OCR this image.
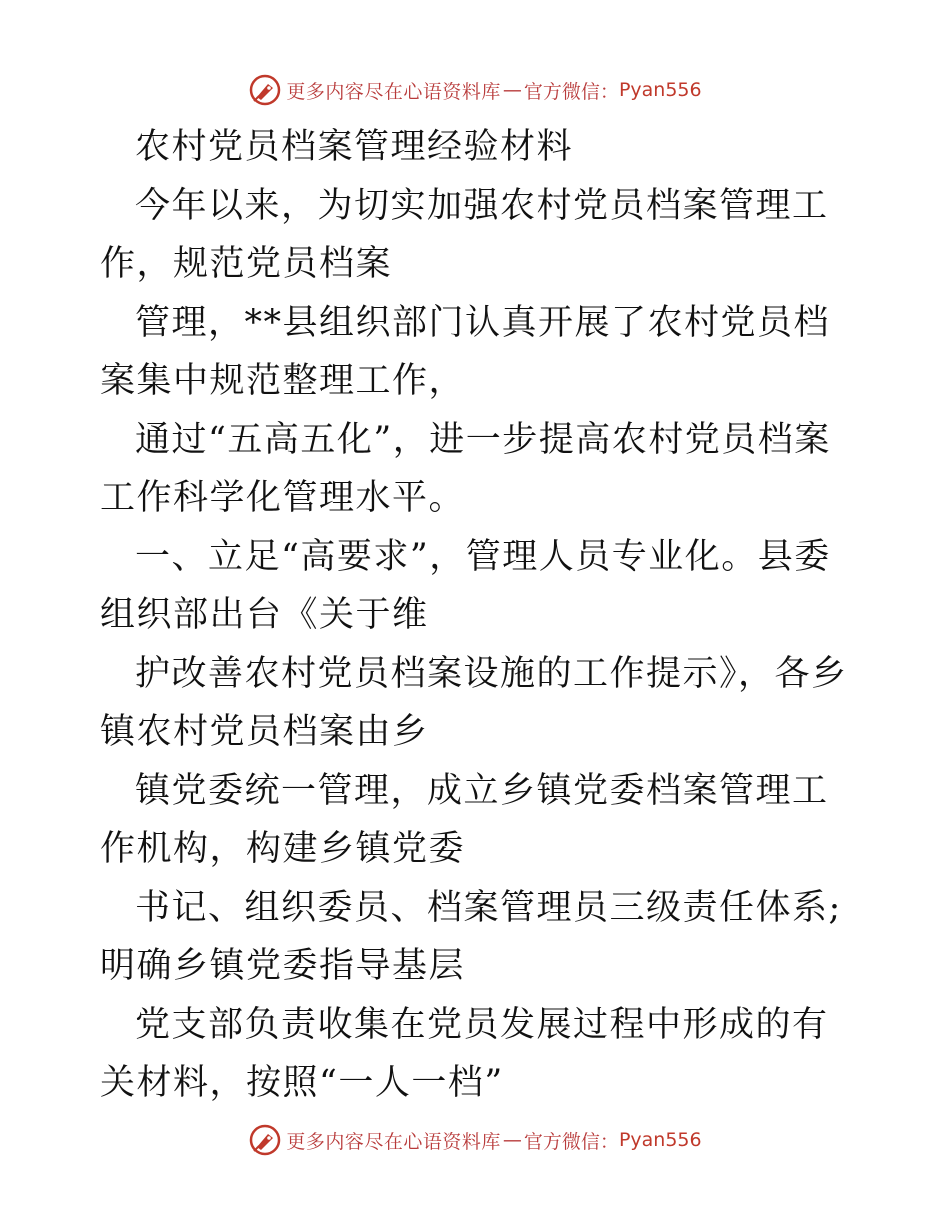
更多内容尽在心语资料库 — 官方微信： Pyan556

农村党员档案管理经验材料

今年以来，为切实加强农村党员档案管理工作，规范党员档案

管理，**县组织部门认真开展了农村党员档案集中规范整理工作，

通过“五高五化”，进一步提高农村党员档案工作科学化管理水平。

一、立足“高要求”，管理人员专业化。县委组织部出台《关于维

护改善农村党员档案设施的工作提示》，各乡镇农村党员档案由乡

镇党委统一管理，成立乡镇党委档案管理工作机构，构建乡镇党委

书记、组织委员、档案管理员三级责任体系;明确乡镇党委指导基层

党支部负责收集在党员发展过程中形成的有关材料，按照“一人一档”

更多内容尽在心语资料库 — 官方微信： Pyan556
